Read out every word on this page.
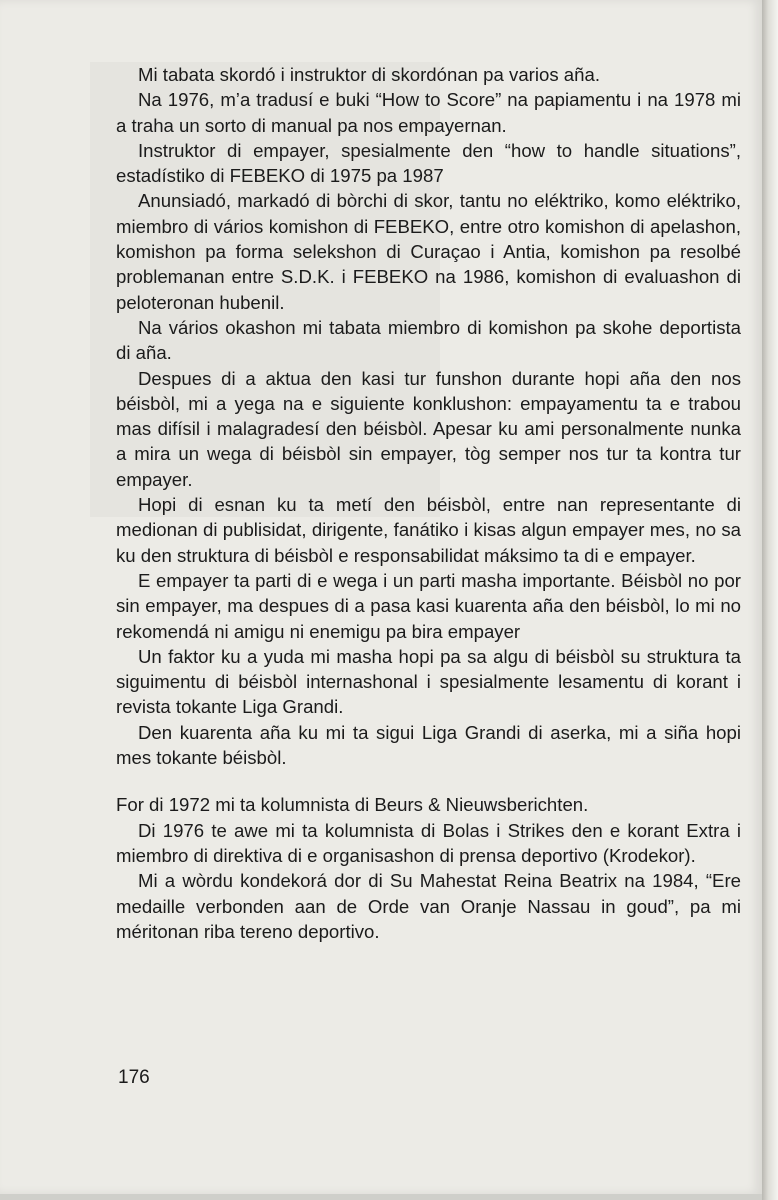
Mi tabata skordó i instruktor di skordónan pa varios aña.

Na 1976, m’a tradusí e buki “How to Score” na papiamentu i na 1978 mi a traha un sorto di manual pa nos empayernan.

Instruktor di empayer, spesialmente den “how to handle situations”, estadístiko di FEBEKO di 1975 pa 1987

Anunsiadó, markadó di bòrchi di skor, tantu no eléktriko, komo eléktriko, miembro di vários komishon di FEBEKO, entre otro komishon di apelashon, komishon pa forma selekshon di Curaçao i Antia, komishon pa resolbé problemanan entre S.D.K. i FEBEKO na 1986, komishon di evaluashon di peloteronan hubenil.

Na vários okashon mi tabata miembro di komishon pa skohe deportista di aña.

Despues di a aktua den kasi tur funshon durante hopi aña den nos béisbòl, mi a yega na e siguiente konklushon: empayamentu ta e trabou mas difísil i malagradesí den béisbòl. Apesar ku ami personalmente nunka a mira un wega di béisbòl sin empayer, tòg semper nos tur ta kontra tur empayer.

Hopi di esnan ku ta metí den béisbòl, entre nan representante di medionan di publisidat, dirigente, fanátiko i kisas algun empayer mes, no sa ku den struktura di béisbòl e responsabilidat máksimo ta di e empayer.

E empayer ta parti di e wega i un parti masha importante. Béisbòl no por sin empayer, ma despues di a pasa kasi kuarenta aña den béisbòl, lo mi no rekomendá ni amigu ni enemigu pa bira empayer

Un faktor ku a yuda mi masha hopi pa sa algu di béisbòl su struktura ta siguimentu di béisbòl internashonal i spesialmente lesamentu di korant i revista tokante Liga Grandi.

Den kuarenta aña ku mi ta sigui Liga Grandi di aserka, mi a siña hopi mes tokante béisbòl.

For di 1972 mi ta kolumnista di Beurs & Nieuwsberichten.

Di 1976 te awe mi ta kolumnista di Bolas i Strikes den e korant Extra i miembro di direktiva di e organisashon di prensa deportivo (Krodekor).

Mi a wòrdu kondekorá dor di Su Mahestat Reina Beatrix na 1984, “Ere medaille verbonden aan de Orde van Oranje Nassau in goud”, pa mi méritonan riba tereno deportivo.

176
